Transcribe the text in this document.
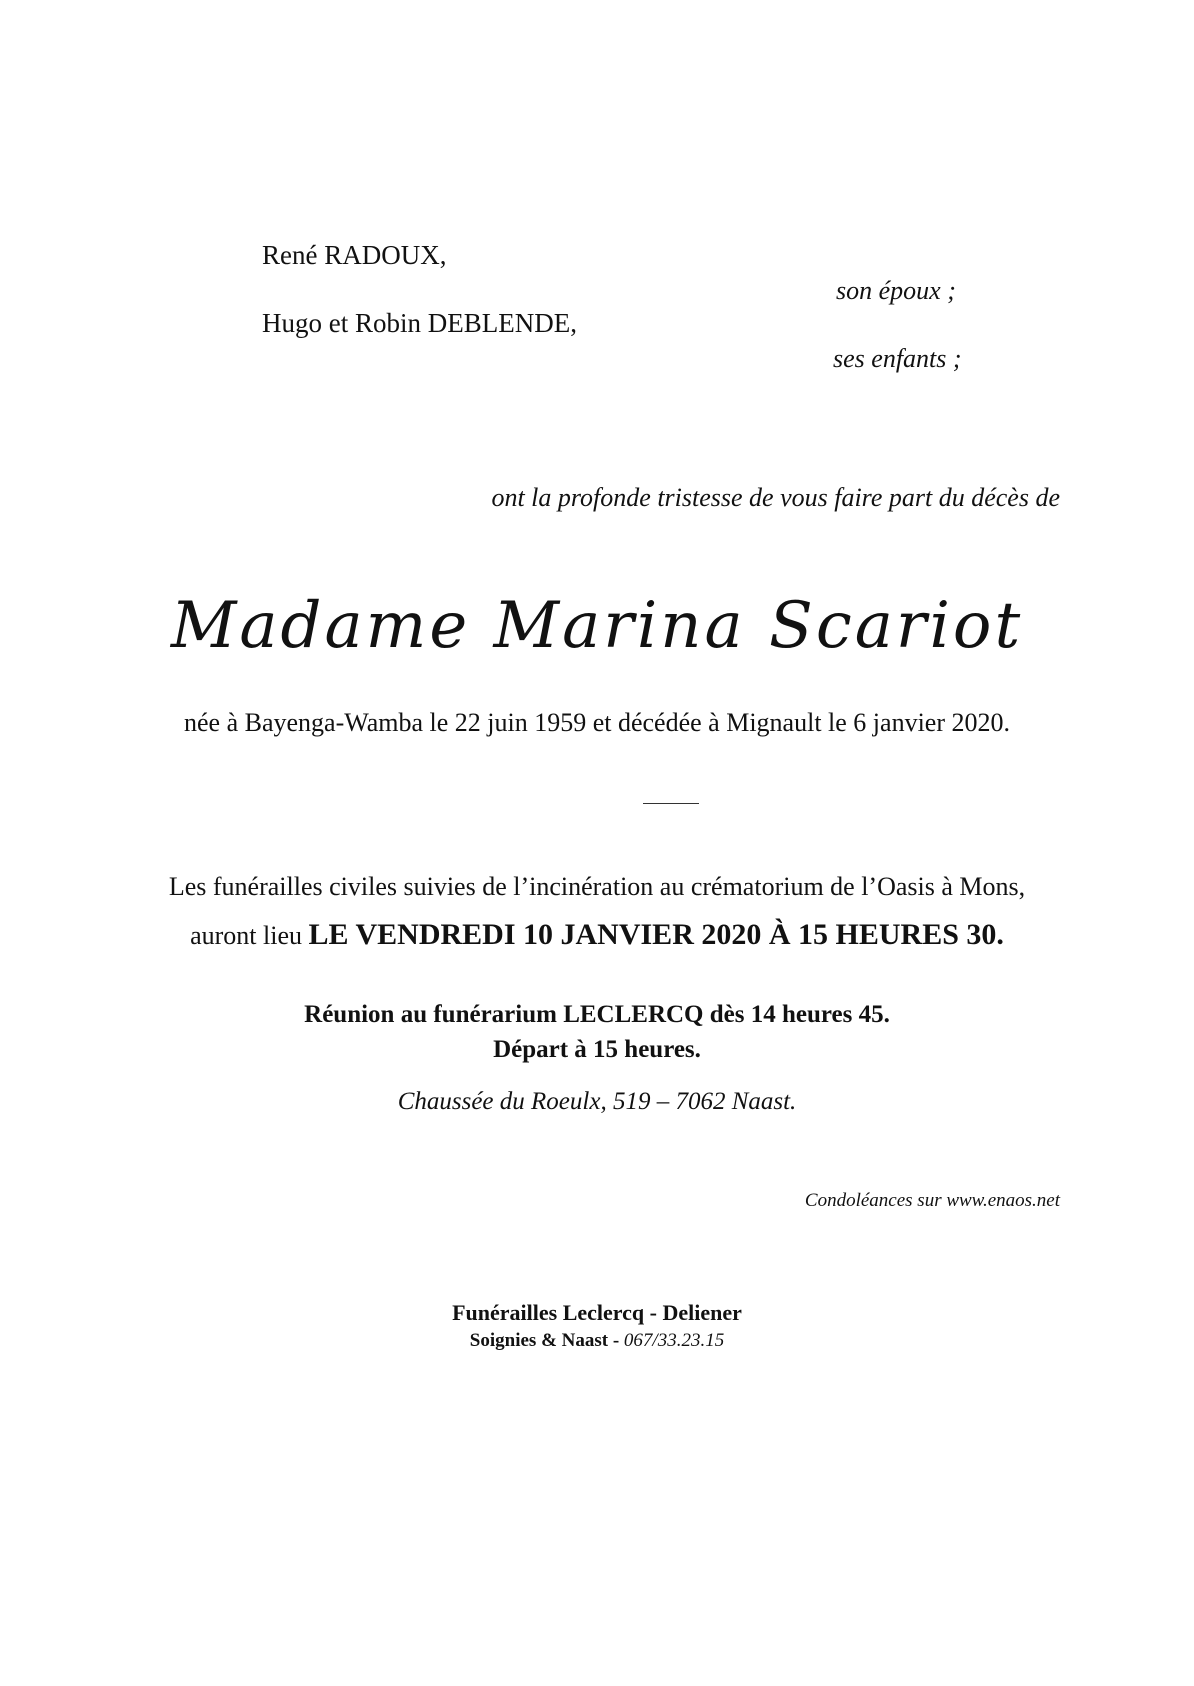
René RADOUX,
son époux ;
Hugo et Robin DEBLENDE,
ses enfants ;
ont la profonde tristesse de vous faire part du décès de
Madame Marina Scariot
née à Bayenga-Wamba le 22 juin 1959 et décédée à Mignault le 6 janvier 2020.
Les funérailles civiles suivies de l’incinération au crématorium de l’Oasis à Mons,
auront lieu LE VENDREDI 10 JANVIER 2020 À 15 HEURES 30.
Réunion au funérarium LECLERCQ dès 14 heures 45.
Départ à 15 heures.
Chaussée du Roeulx, 519 – 7062 Naast.
Condoléances sur www.enaos.net
Funérailles Leclercq - Deliener
Soignies & Naast - 067/33.23.15
